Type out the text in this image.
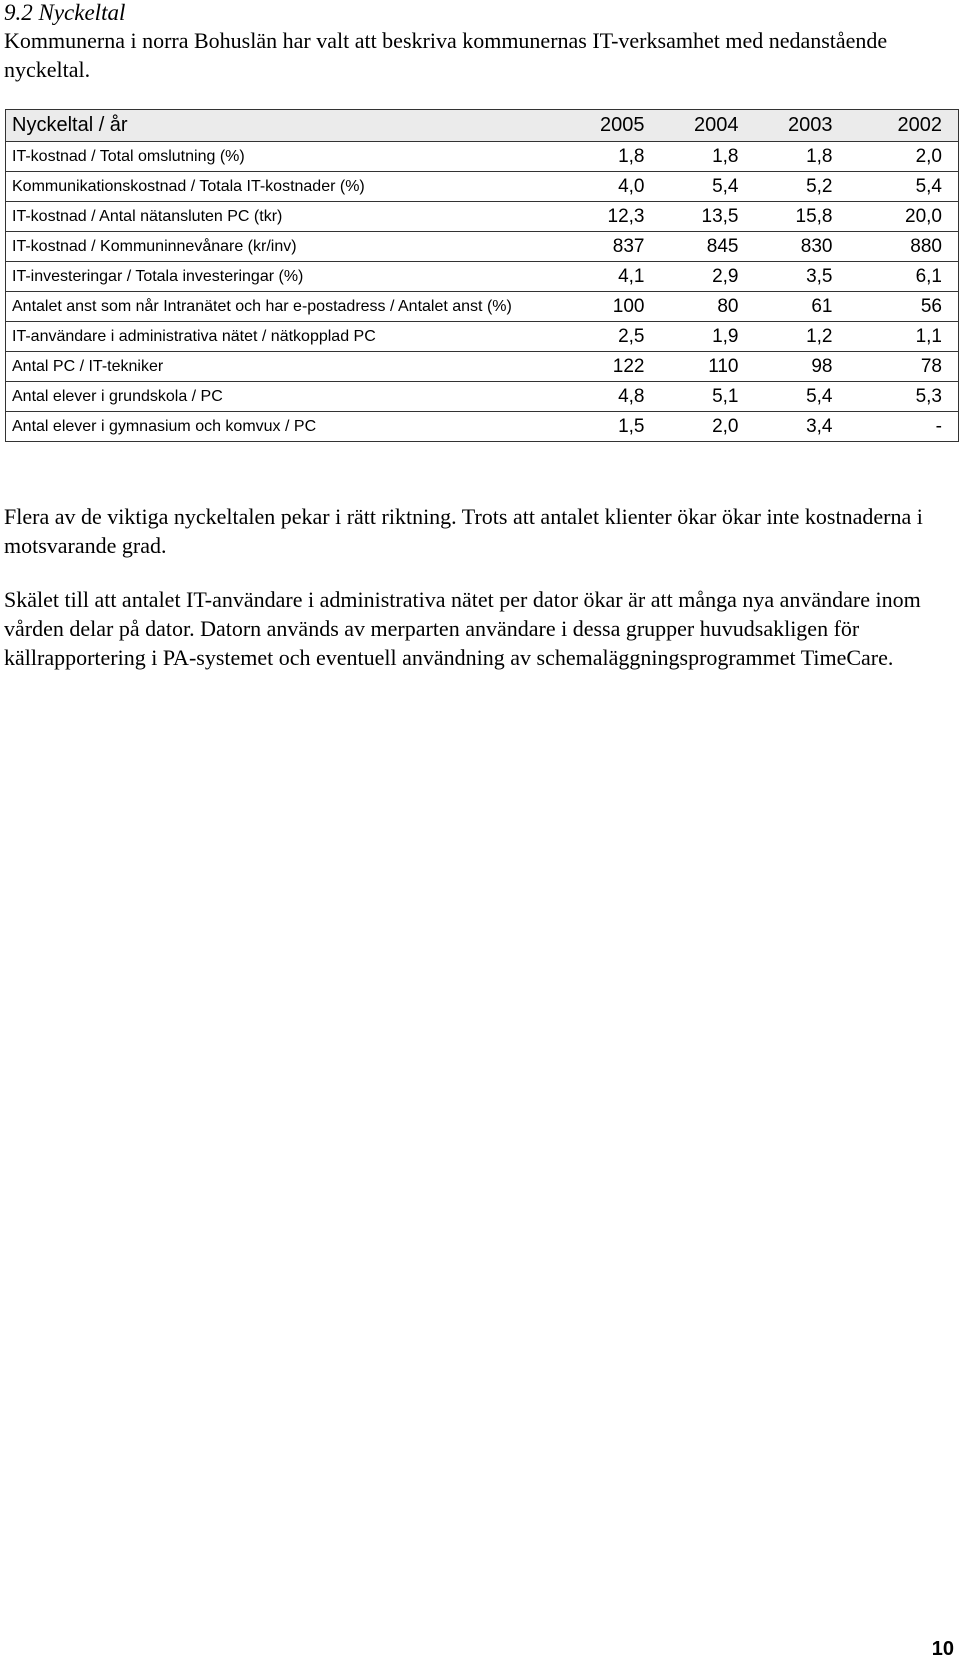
9.2 Nyckeltal

Kommunerna i norra Bohuslän har valt att beskriva kommunernas IT-verksamhet med nedanstående nyckeltal.

Nyckeltal / år	2005	2004	2003	2002
IT-kostnad / Total omslutning (%)	1,8	1,8	1,8	2,0
Kommunikationskostnad / Totala IT-kostnader (%)	4,0	5,4	5,2	5,4
IT-kostnad / Antal nätansluten PC (tkr)	12,3	13,5	15,8	20,0
IT-kostnad / Kommuninnevånare (kr/inv)	837	845	830	880
IT-investeringar / Totala investeringar (%)	4,1	2,9	3,5	6,1
Antalet anst som når Intranätet och har e-postadress / Antalet anst (%)	100	80	61	56
IT-användare i administrativa nätet / nätkopplad PC	2,5	1,9	1,2	1,1
Antal PC / IT-tekniker	122	110	98	78
Antal elever i grundskola / PC	4,8	5,1	5,4	5,3
Antal elever i gymnasium och komvux / PC	1,5	2,0	3,4	-

Flera av de viktiga nyckeltalen pekar i rätt riktning. Trots att antalet klienter ökar ökar inte kostnaderna i motsvarande grad.

Skälet till att antalet IT-användare i administrativa nätet per dator ökar är att många nya användare inom vården delar på dator. Datorn används av merparten användare i dessa grupper huvudsakligen för källrapportering i PA-systemet och eventuell användning av schemaläggningsprogrammet TimeCare.

10
